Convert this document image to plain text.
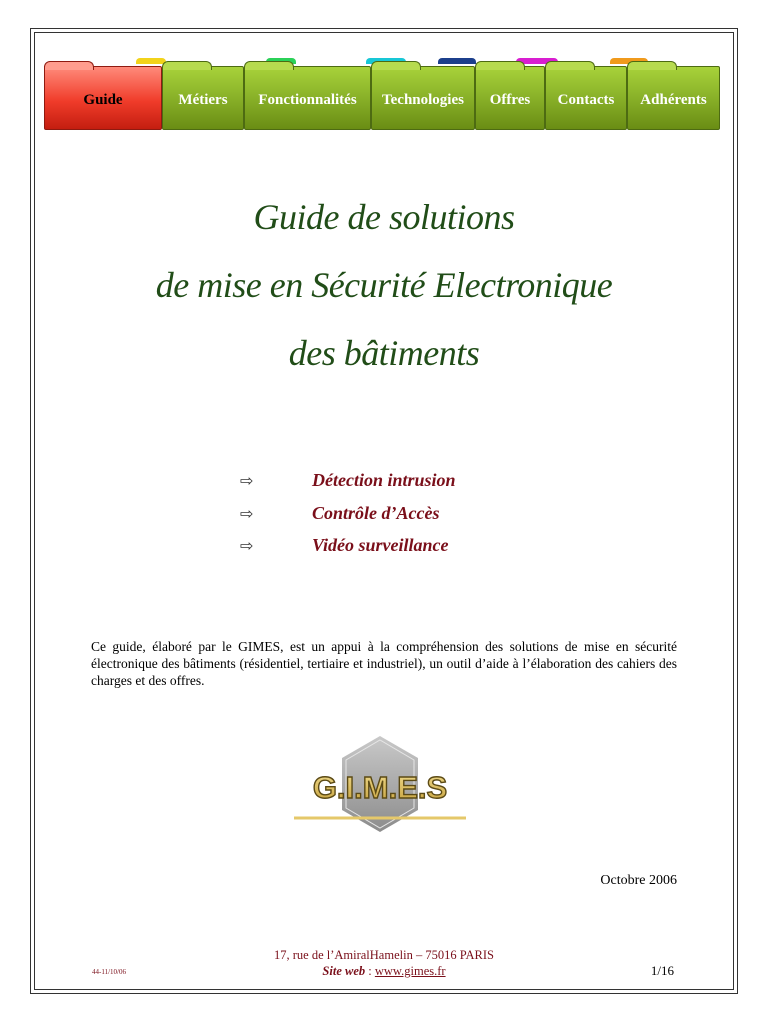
Guide	Métiers Fonctionnalités Technologies Offres Contacts Adhérents
Guide de solutions
de mise en Sécurité Electronique
des bâtiments
⇨	Détection intrusion
⇨	Contrôle d’Accès
⇨	Vidéo surveillance

Ce guide, élaboré par le GIMES, est un appui à la compréhension des solutions de mise en sécurité électronique des bâtiments (résidentiel, tertiaire et industriel), un outil d’aide à l’élaboration des cahiers des charges et des offres.

G.I.M.E.S
Octobre 2006
17, rue de l’AmiralHamelin – 75016 PARIS
Site web : www.gimes.fr
44-11/10/06	1/16
